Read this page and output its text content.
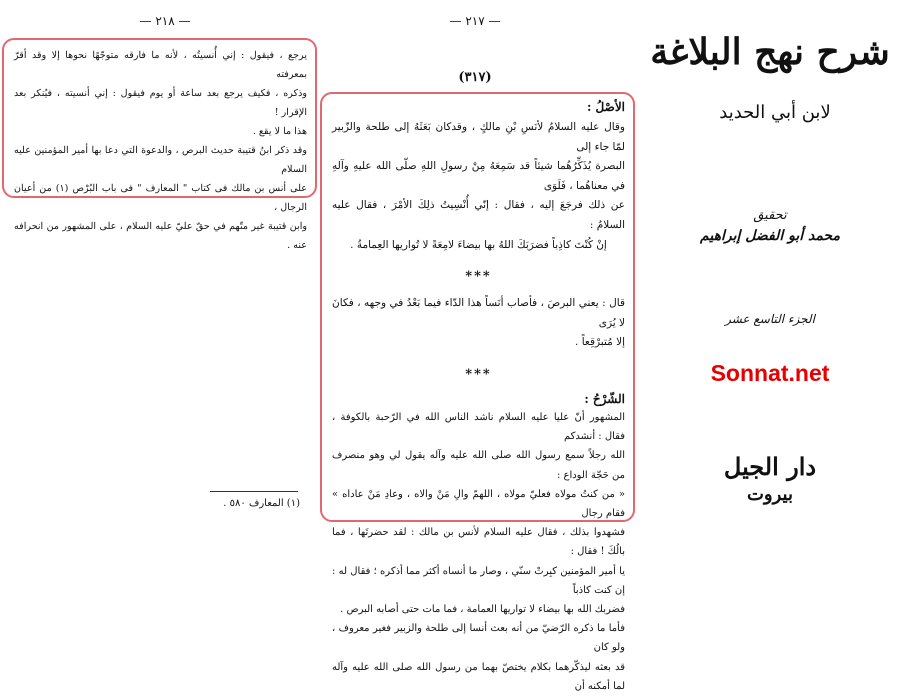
— ٢١٨ —

يرجع ، فيقول : إني أُنسيتُه ، لأنه ما فارقه متوجّهًا نحوها إلا وقد أقرّ بمعرفته

وذكره ، فكيف يرجع بعد ساعة أو يوم فيقول : إني أنسيته ، فيُنكر بعد الإقرار !

هذا ما لا يقع .

وقد ذكر ابنُ قتيبة حديث البرص ، والدعوة التي دعا بها أمير المؤمنين عليه السلام

على أنس بن مالك فى كتاب " المعارف " فى باب البُرْص (١) من أعيان الرجال ،

وابن قتيبة غير متّهم في حقّ عليّ عليه السلام ، على المشهور من انحرافه عنه .

(١) المعارف ٥٨٠ .
— ٢١٧ —
(٣١٧)
الأصْلُ :

وقال عليه السلامُ لأنَسِ بْنِ مالكٍ ، وقدكان بَعَثَهُ إلى طلحة والزّبير لمّا جاء إلى

البصرة يُذَكِّرُهُما شيئاً قد سَمِعَهُ مِنْ رسولِ اللهِ صلّى الله عليهِ وآلهِ في معناهُما ، فَلَوَى

عن ذلك فرجَعَ إليه ، فقال : إنّي أُنْسِيتُ ذلِكَ الأمْرَ ، فقال عليه السلامُ :

إنْ كُنْتَ كاذِباً فضرَبَكَ اللهُ بها بيضاءَ لامِعَةً لا تُواريها العِمامةُ .

***

قال : يعني البرصَ ، فأصاب أنَساً هذا الدّاء فيما بَعْدُ في وجهه ، فكانَ لا يُرَى

إلا مُتبرْقِعاً .

***
الشّرْحُ :

المشهور أنّ عليا عليه السلام ناشد الناس الله في الرّحبة بالكوفة ، فقال : أنشدكم

الله رجلاً سمع رسول الله صلى الله عليه وآله يقول لي وهو منصرف من حَجّة الوداع :

« من كنتُ مولاه فعليّ مولاه ، اللهمّ والِ مَنْ والاه ، وعادِ مَنْ عاداه » فقام رجال

فشهدوا بذلك ، فقال عليه السلام لأنس بن مالك : لقد حضرتَها ، فما بالُكَ ! فقال :

يا أمير المؤمنين كبِرتْ سنّي ، وصار ما أنساه أكثر مما أذكره ؛ فقال له : إن كنت كاذباً

فضربك الله بها بيضاء لا تواريها العمامة ، فما مات حتى أصابه البرص .

فأما ما ذكره الرّضيّ من أنه بعث أنسا إلى طلحة والزبير فغير معروف ، ولو كان

قد بعثه ليذكّرهما بكلام يختصّ بهما من رسول الله صلى الله عليه وآله لما أمكنه أن

شرح نهج البلاغة
لابن أبي الحديد
تحقيق
محمد أبو الفضل إبراهيم
الجزء التاسع عشر
Sonnat.net
دار الجيل
بيروت
